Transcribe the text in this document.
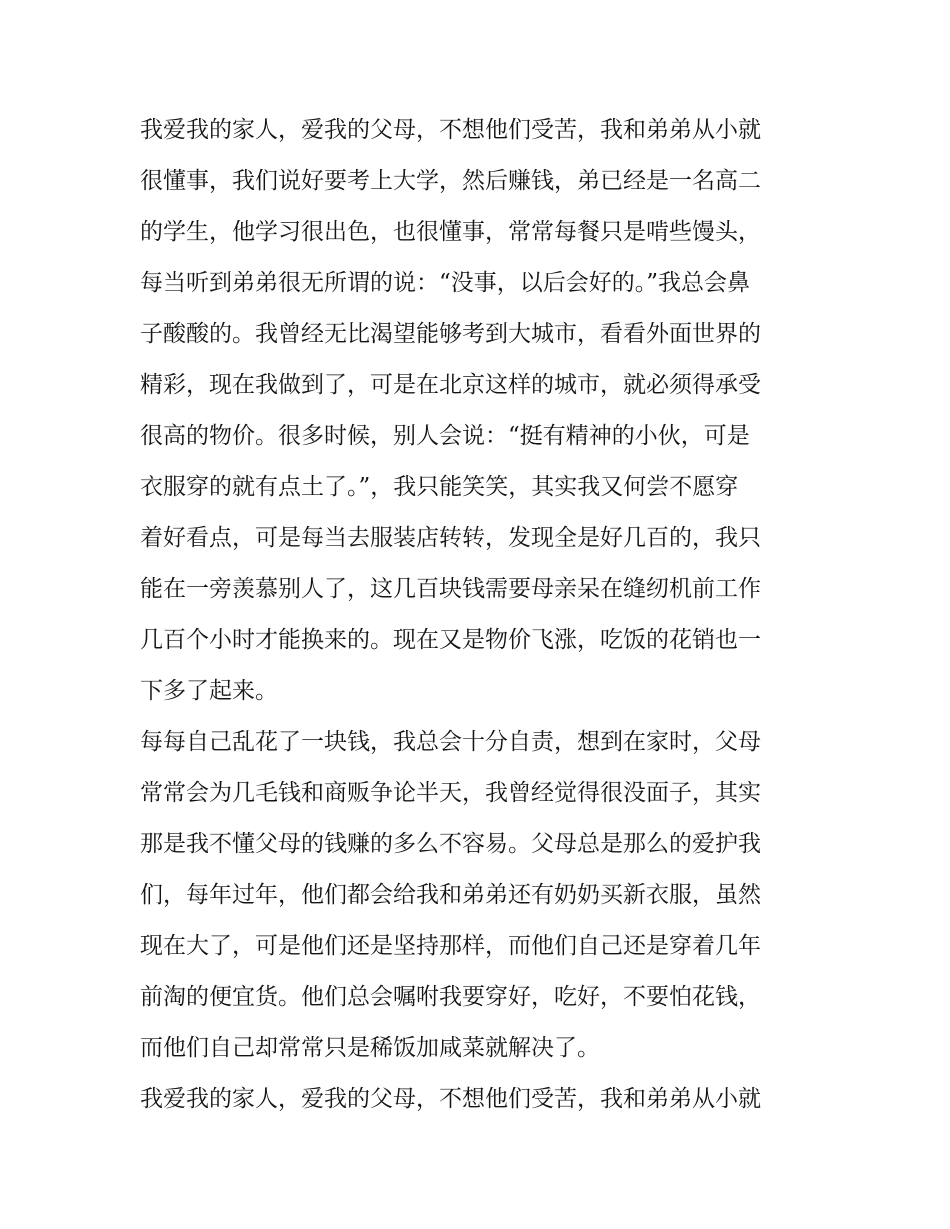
我爱我的家人，爱我的父母，不想他们受苦，我和弟弟从小就
很懂事，我们说好要考上大学，然后赚钱，弟已经是一名高二
的学生，他学习很出色，也很懂事，常常每餐只是啃些馒头，
每当听到弟弟很无所谓的说：“没事，以后会好的。”我总会鼻
子酸酸的。我曾经无比渴望能够考到大城市，看看外面世界的
精彩，现在我做到了，可是在北京这样的城市，就必须得承受
很高的物价。很多时候，别人会说：“挺有精神的小伙，可是
衣服穿的就有点土了。”，我只能笑笑，其实我又何尝不愿穿
着好看点，可是每当去服装店转转，发现全是好几百的，我只
能在一旁羡慕别人了，这几百块钱需要母亲呆在缝纫机前工作
几百个小时才能换来的。现在又是物价飞涨，吃饭的花销也一
下多了起来。
每每自己乱花了一块钱，我总会十分自责，想到在家时，父母
常常会为几毛钱和商贩争论半天，我曾经觉得很没面子，其实
那是我不懂父母的钱赚的多么不容易。父母总是那么的爱护我
们，每年过年，他们都会给我和弟弟还有奶奶买新衣服，虽然
现在大了，可是他们还是坚持那样，而他们自己还是穿着几年
前淘的便宜货。他们总会嘱咐我要穿好，吃好，不要怕花钱，
而他们自己却常常只是稀饭加咸菜就解决了。
我爱我的家人，爱我的父母，不想他们受苦，我和弟弟从小就
